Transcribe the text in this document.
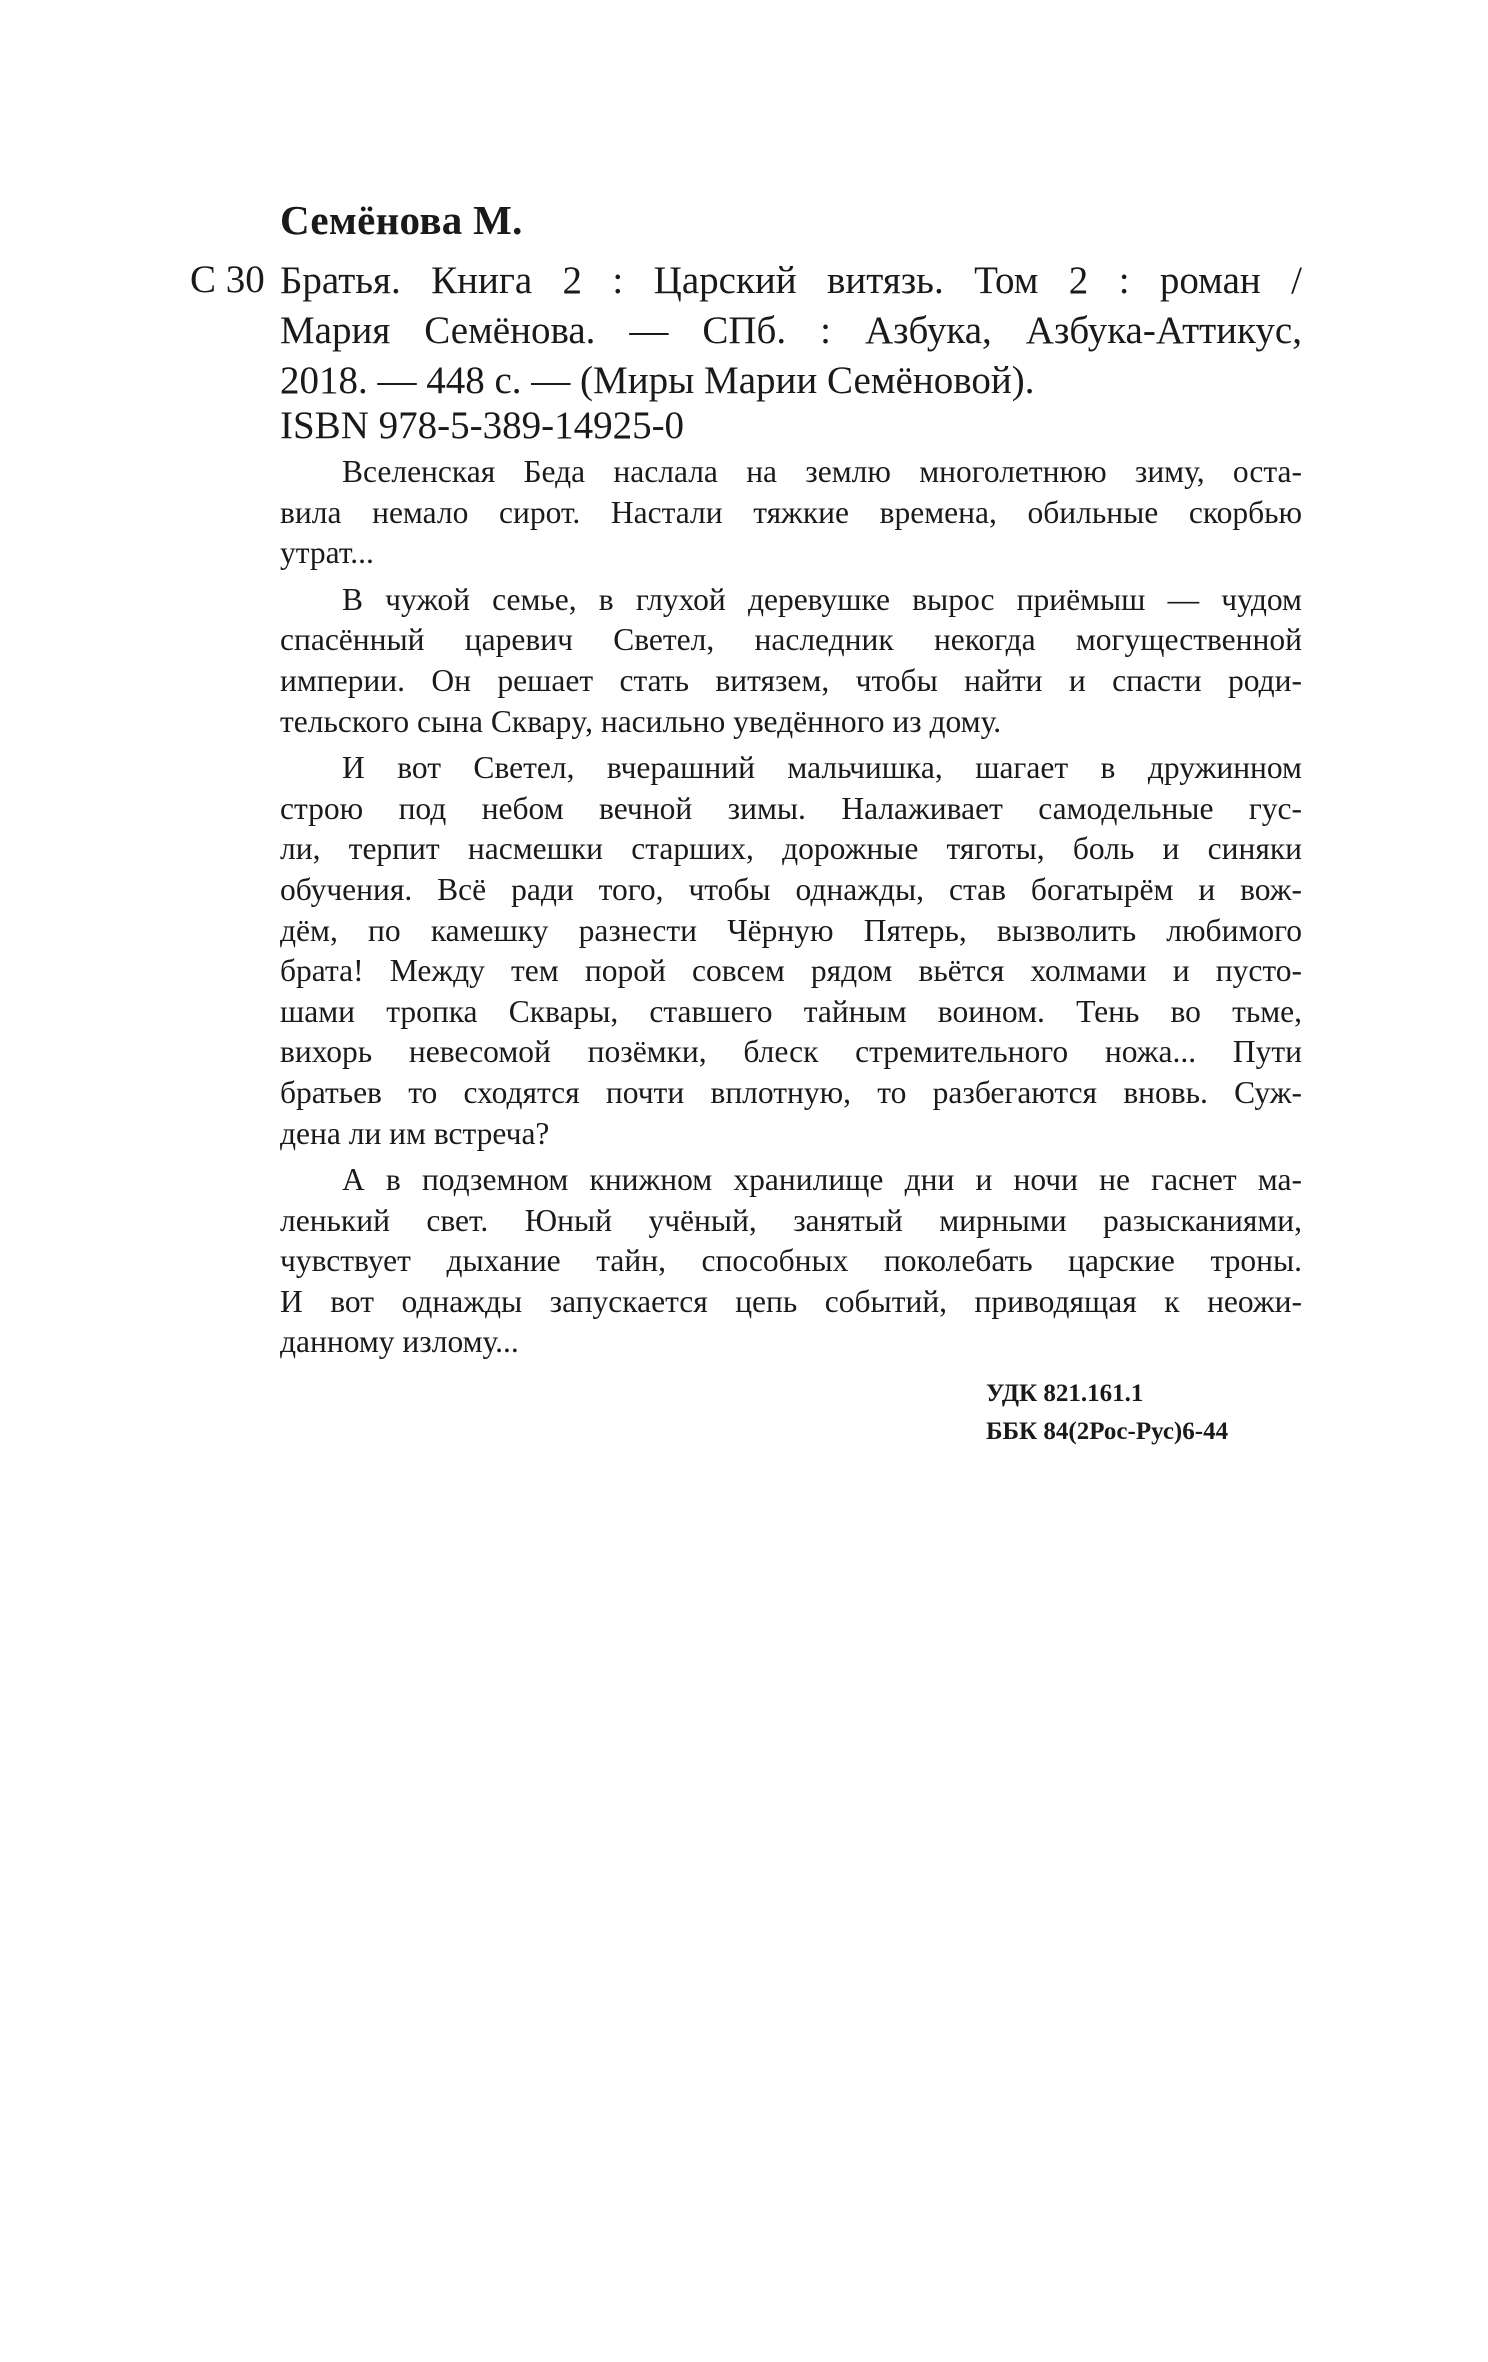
Семёнова М.
С 30 Братья. Книга 2 : Царский витязь. Том 2 : роман /
Мария Семёнова. — СПб. : Азбука, Азбука-Аттикус,
2018. — 448 с. — (Миры Марии Семёновой).
ISBN 978-5-389-14925-0

Вселенская Беда наслала на землю многолетнюю зиму, оста-
вила немало сирот. Настали тяжкие времена, обильные скорбью
утрат...

В чужой семье, в глухой деревушке вырос приёмыш — чудом
спасённый царевич Светел, наследник некогда могущественной
империи. Он решает стать витязем, чтобы найти и спасти роди-
тельского сына Скварy, насильно уведённого из дому.

И вот Светел, вчерашний мальчишка, шагает в дружинном
строю под небом вечной зимы. Налаживает самодельные гус-
ли, терпит насмешки старших, дорожные тяготы, боль и синяки
обучения. Всё ради того, чтобы однажды, став богатырём и вож-
дём, по камешку разнести Чёрную Пятерь, вызволить любимого
брата! Между тем порой совсем рядом вьётся холмами и пусто-
шами тропка Сквары, ставшего тайным воином. Тень во тьме,
вихорь невесомой позёмки, блеск стремительного ножа... Пути
братьев то сходятся почти вплотную, то разбегаются вновь. Суж-
дена ли им встреча?

А в подземном книжном хранилище дни и ночи не гаснет ма-
ленький свет. Юный учёный, занятый мирными разысканиями,
чувствует дыхание тайн, способных поколебать царские троны.
И вот однажды запускается цепь событий, приводящая к неожи-
данному излому...

УДК 821.161.1
ББК 84(2Рос-Рус)6-44
